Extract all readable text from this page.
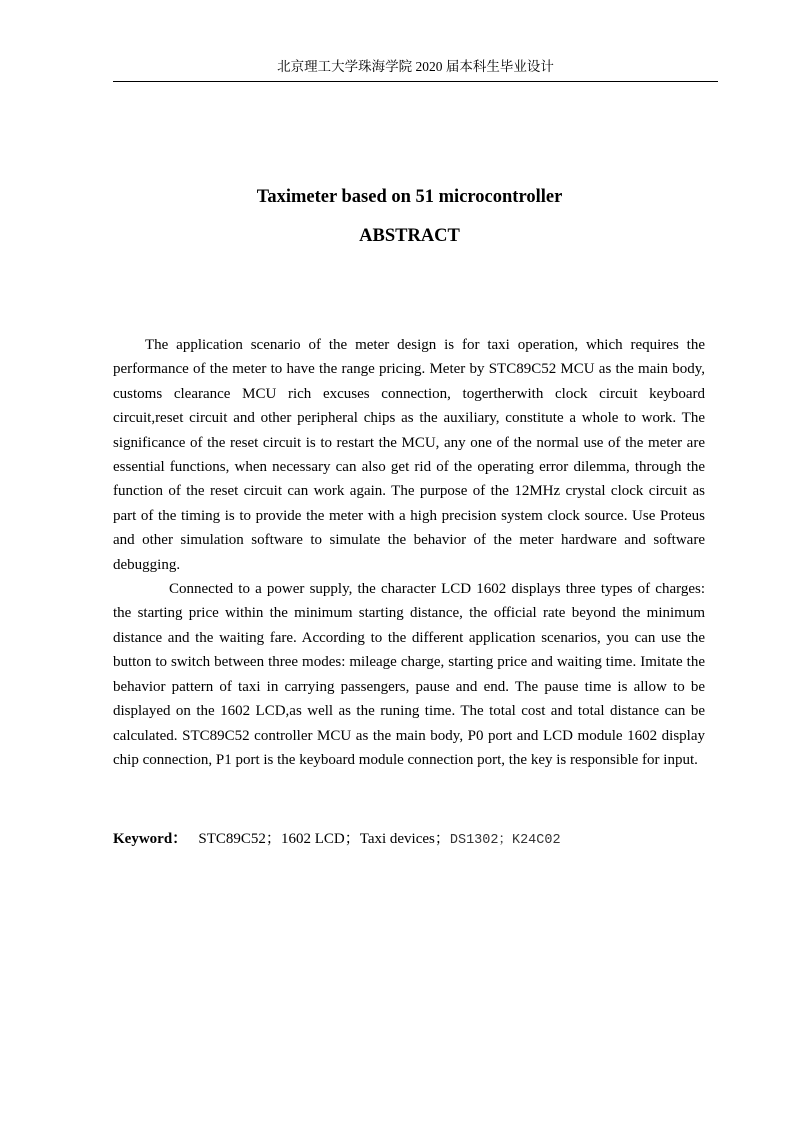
北京理工大学珠海学院 2020 届本科生毕业设计
Taximeter based on 51 microcontroller
ABSTRACT

The application scenario of the meter design is for taxi operation, which requires the performance of the meter to have the range pricing. Meter by STC89C52 MCU as the main body, customs clearance MCU rich excuses connection, togertherwith clock circuit keyboard circuit,reset circuit and other peripheral chips as the auxiliary, constitute a whole to work. The significance of the reset circuit is to restart the MCU, any one of the normal use of the meter are essential functions, when necessary can also get rid of the operating error dilemma, through the function of the reset circuit can work again. The purpose of the 12MHz crystal clock circuit as part of the timing is to provide the meter with a high precision system clock source. Use Proteus and other simulation software to simulate the behavior of the meter hardware and software debugging.

Connected to a power supply, the character LCD 1602 displays three types of charges: the starting price within the minimum starting distance, the official rate beyond the minimum distance and the waiting fare. According to the different application scenarios, you can use the button to switch between three modes: mileage charge, starting price and waiting time. Imitate the behavior pattern of taxi in carrying passengers, pause and end. The pause time is allow to be displayed on the 1602 LCD,as well as the runing time. The total cost and total distance can be calculated. STC89C52 controller MCU as the main body, P0 port and LCD module 1602 display chip connection, P1 port is the keyboard module connection port, the key is responsible for input.

Keyword： STC89C52；1602 LCD；Taxi devices；DS1302；K24C02
